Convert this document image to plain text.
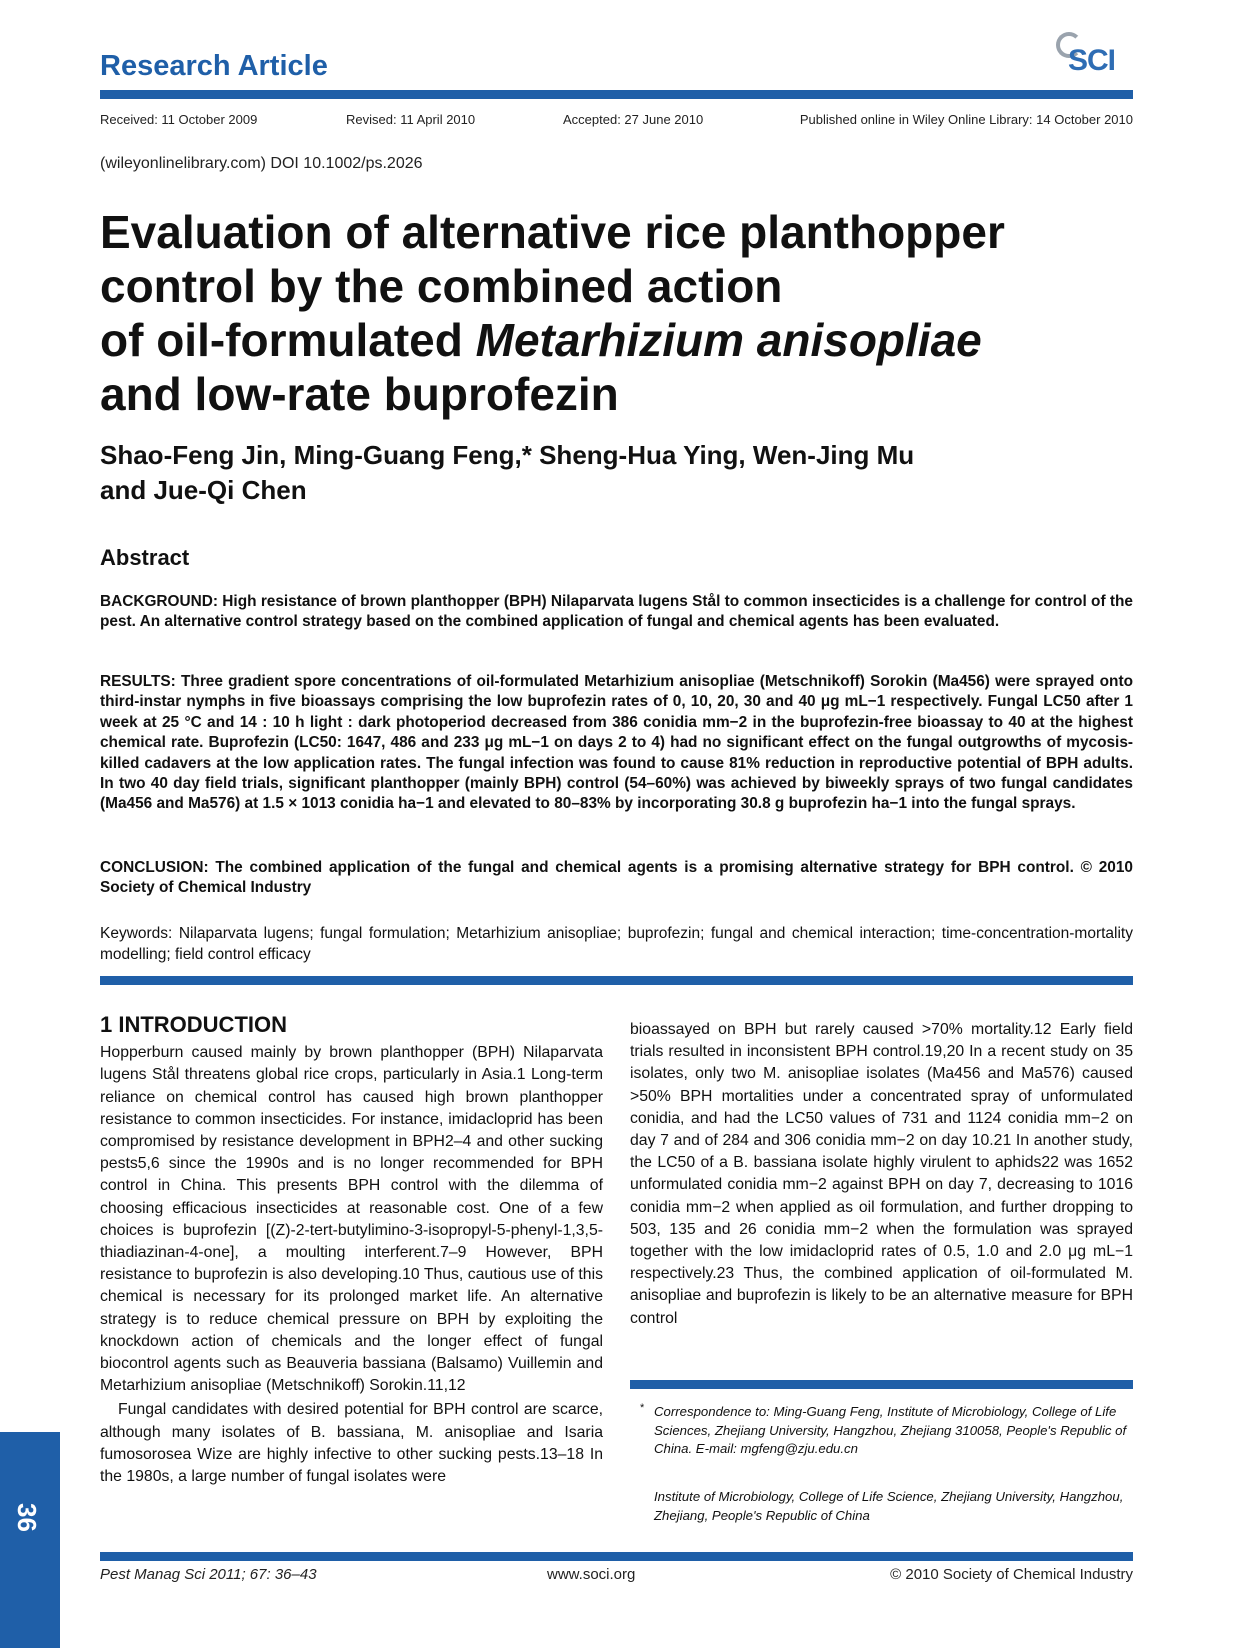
Research Article	SCI
Received: 11 October 2009	Revised: 11 April 2010	Accepted: 27 June 2010	Published online in Wiley Online Library: 14 October 2010
(wileyonlinelibrary.com) DOI 10.1002/ps.2026
Evaluation of alternative rice planthopper
control by the combined action
of oil-formulated Metarhizium anisopliae
and low-rate buprofezin
Shao-Feng Jin, Ming-Guang Feng,* Sheng-Hua Ying, Wen-Jing Mu
and Jue-Qi Chen
Abstract
BACKGROUND: High resistance of brown planthopper (BPH) Nilaparvata lugens Stål to common insecticides is a challenge for control of the pest. An alternative control strategy based on the combined application of fungal and chemical agents has been evaluated.
RESULTS: Three gradient spore concentrations of oil-formulated Metarhizium anisopliae (Metschnikoff) Sorokin (Ma456) were sprayed onto third-instar nymphs in five bioassays comprising the low buprofezin rates of 0, 10, 20, 30 and 40 μg mL−1 respectively. Fungal LC50 after 1 week at 25 °C and 14 : 10 h light : dark photoperiod decreased from 386 conidia mm−2 in the buprofezin-free bioassay to 40 at the highest chemical rate. Buprofezin (LC50: 1647, 486 and 233 μg mL−1 on days 2 to 4) had no significant effect on the fungal outgrowths of mycosis-killed cadavers at the low application rates. The fungal infection was found to cause 81% reduction in reproductive potential of BPH adults. In two 40 day field trials, significant planthopper (mainly BPH) control (54–60%) was achieved by biweekly sprays of two fungal candidates (Ma456 and Ma576) at 1.5 × 1013 conidia ha−1 and elevated to 80–83% by incorporating 30.8 g buprofezin ha−1 into the fungal sprays.
CONCLUSION: The combined application of the fungal and chemical agents is a promising alternative strategy for BPH control. © 2010 Society of Chemical Industry
Keywords: Nilaparvata lugens; fungal formulation; Metarhizium anisopliae; buprofezin; fungal and chemical interaction; time-concentration-mortality modelling; field control efficacy
1 INTRODUCTION
Hopperburn caused mainly by brown planthopper (BPH) Nilaparvata lugens Stål threatens global rice crops, particularly in Asia.1 Long-term reliance on chemical control has caused high brown planthopper resistance to common insecticides. For instance, imidacloprid has been compromised by resistance development in BPH2–4 and other sucking pests5,6 since the 1990s and is no longer recommended for BPH control in China. This presents BPH control with the dilemma of choosing efficacious insecticides at reasonable cost. One of a few choices is buprofezin [(Z)-2-tert-butylimino-3-isopropyl-5-phenyl-1,3,5-thiadiazinan-4-one], a moulting interferent.7–9 However, BPH resistance to buprofezin is also developing.10 Thus, cautious use of this chemical is necessary for its prolonged market life. An alternative strategy is to reduce chemical pressure on BPH by exploiting the knockdown action of chemicals and the longer effect of fungal biocontrol agents such as Beauveria bassiana (Balsamo) Vuillemin and Metarhizium anisopliae (Metschnikoff) Sorokin.11,12
Fungal candidates with desired potential for BPH control are scarce, although many isolates of B. bassiana, M. anisopliae and Isaria fumosorosea Wize are highly infective to other sucking pests.13–18 In the 1980s, a large number of fungal isolates were
bioassayed on BPH but rarely caused >70% mortality.12 Early field trials resulted in inconsistent BPH control.19,20 In a recent study on 35 isolates, only two M. anisopliae isolates (Ma456 and Ma576) caused >50% BPH mortalities under a concentrated spray of unformulated conidia, and had the LC50 values of 731 and 1124 conidia mm−2 on day 7 and of 284 and 306 conidia mm−2 on day 10.21 In another study, the LC50 of a B. bassiana isolate highly virulent to aphids22 was 1652 unformulated conidia mm−2 against BPH on day 7, decreasing to 1016 conidia mm−2 when applied as oil formulation, and further dropping to 503, 135 and 26 conidia mm−2 when the formulation was sprayed together with the low imidacloprid rates of 0.5, 1.0 and 2.0 μg mL−1 respectively.23 Thus, the combined application of oil-formulated M. anisopliae and buprofezin is likely to be an alternative measure for BPH control
* Correspondence to: Ming-Guang Feng, Institute of Microbiology, College of Life Sciences, Zhejiang University, Hangzhou, Zhejiang 310058, People's Republic of China. E-mail: mgfeng@zju.edu.cn
Institute of Microbiology, College of Life Science, Zhejiang University, Hangzhou, Zhejiang, People's Republic of China
36
Pest Manag Sci 2011; 67: 36–43	www.soci.org	© 2010 Society of Chemical Industry
